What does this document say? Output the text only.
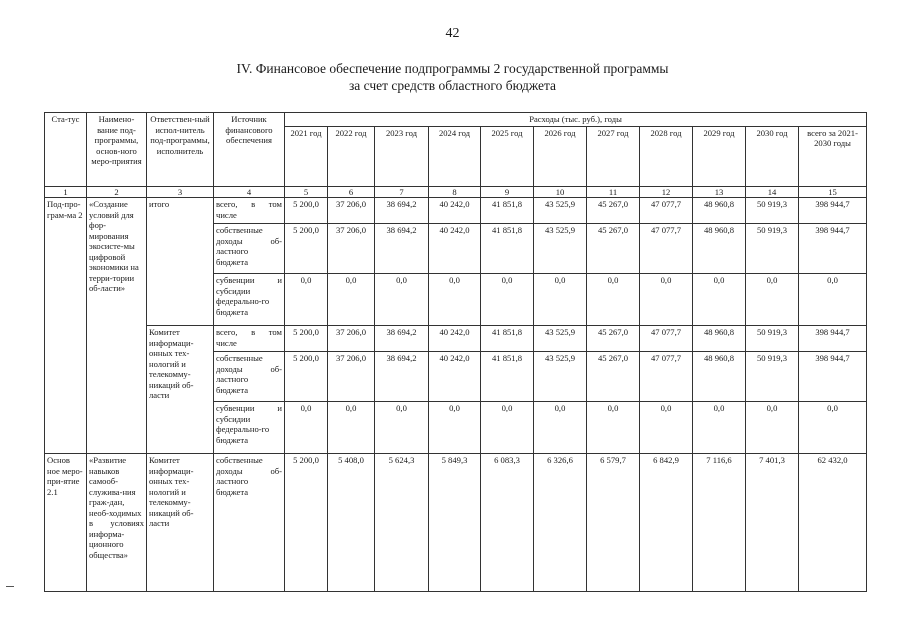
42
IV. Финансовое обеспечение подпрограммы 2 государственной программы
за счет средств областного бюджета
Ста-тус	Наимено-вание под-программы, основ-ного меро-приятия	Ответствен-ный испол-нитель под-программы, исполнитель	Источник финансового обеспечения	Расходы (тыс. руб.), годы										
				2021 год	2022 год	2023 год	2024 год	2025 год	2026 год	2027 год	2028 год	2029 год	2030 год	всего за 2021-2030 годы
1	2	3	4	5	6	7	8	9	10	11	12	13	14	15
Под-про-грам-ма 2	«Создание условий для фор-мирования экосисте-мы цифровой экономики на терри-тории об-ласти»	итого	всего, в том числе	5 200,0	37 206,0	38 694,2	40 242,0	41 851,8	43 525,9	45 267,0	47 077,7	48 960,8	50 919,3	398 944,7
			собственные доходы об-ластного бюджета	5 200,0	37 206,0	38 694,2	40 242,0	41 851,8	43 525,9	45 267,0	47 077,7	48 960,8	50 919,3	398 944,7
			субвенции и субсидии федерально-го бюджета	0,0	0,0	0,0	0,0	0,0	0,0	0,0	0,0	0,0	0,0	0,0
		Комитет информаци-онных тех-нологий и телекомму-никаций об-ласти	всего, в том числе	5 200,0	37 206,0	38 694,2	40 242,0	41 851,8	43 525,9	45 267,0	47 077,7	48 960,8	50 919,3	398 944,7
			собственные доходы об-ластного бюджета	5 200,0	37 206,0	38 694,2	40 242,0	41 851,8	43 525,9	45 267,0	47 077,7	48 960,8	50 919,3	398 944,7
			субвенции и субсидии федерально-го бюджета	0,0	0,0	0,0	0,0	0,0	0,0	0,0	0,0	0,0	0,0	0,0
Основ ное меро-при-ятие 2.1	«Развитие навыков самооб-служива-ния граж-дан, необ-ходимых в условиях информа-ционного общества»	Комитет информаци-онных тех-нологий и телекомму-никаций об-ласти	собственные доходы об-ластного бюджета	5 200,0	5 408,0	5 624,3	5 849,3	6 083,3	6 326,6	6 579,7	6 842,9	7 116,6	7 401,3	62 432,0
